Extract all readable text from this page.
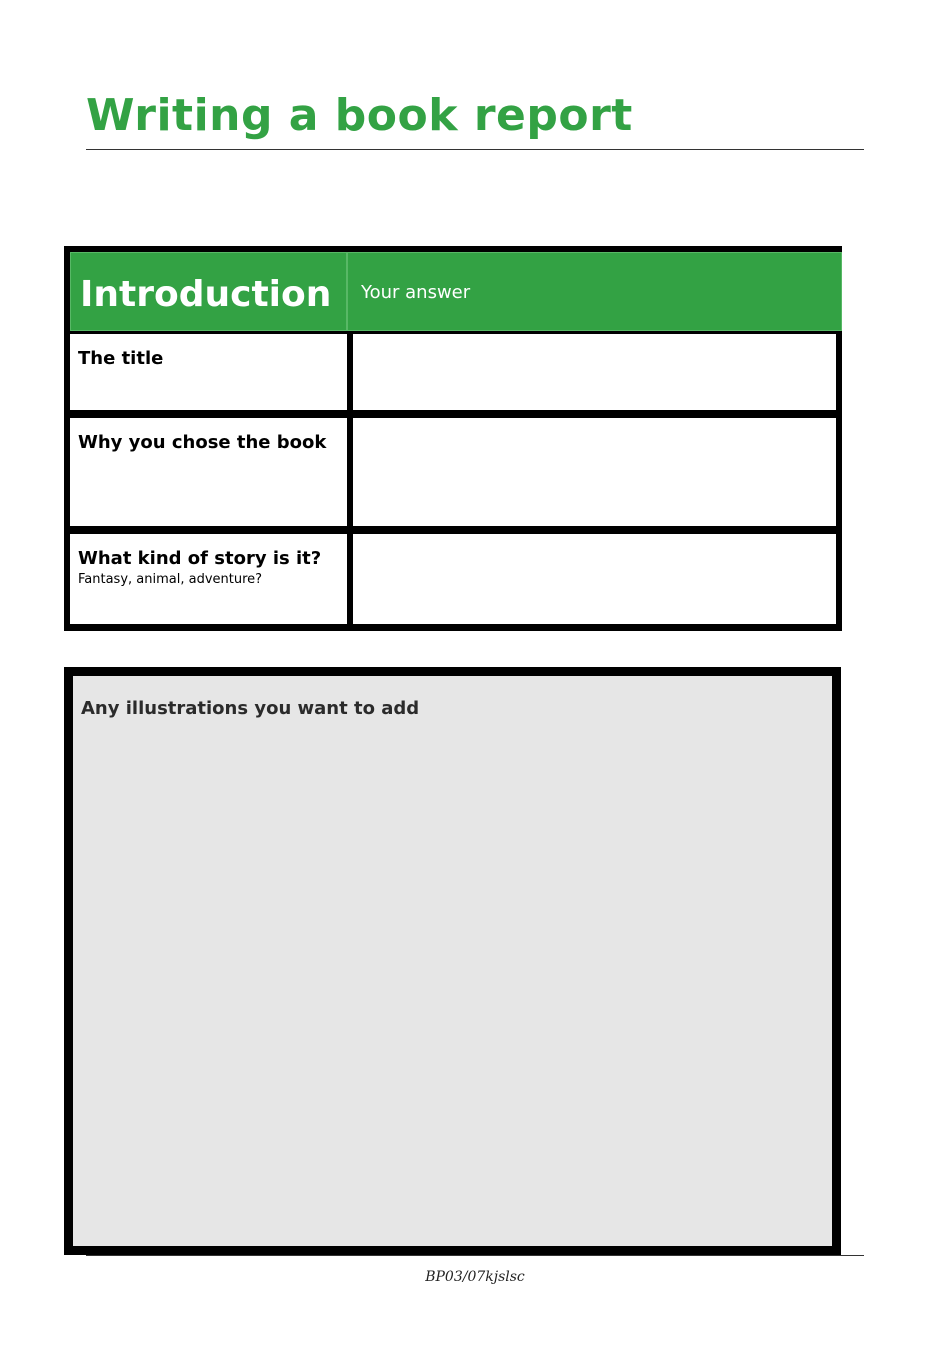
Writing a book report
Introduction Your answer
The title
Why you chose the book
What kind of story is it?
Fantasy, animal, adventure?
Any illustrations you want to add
BP03/07kjslsc
